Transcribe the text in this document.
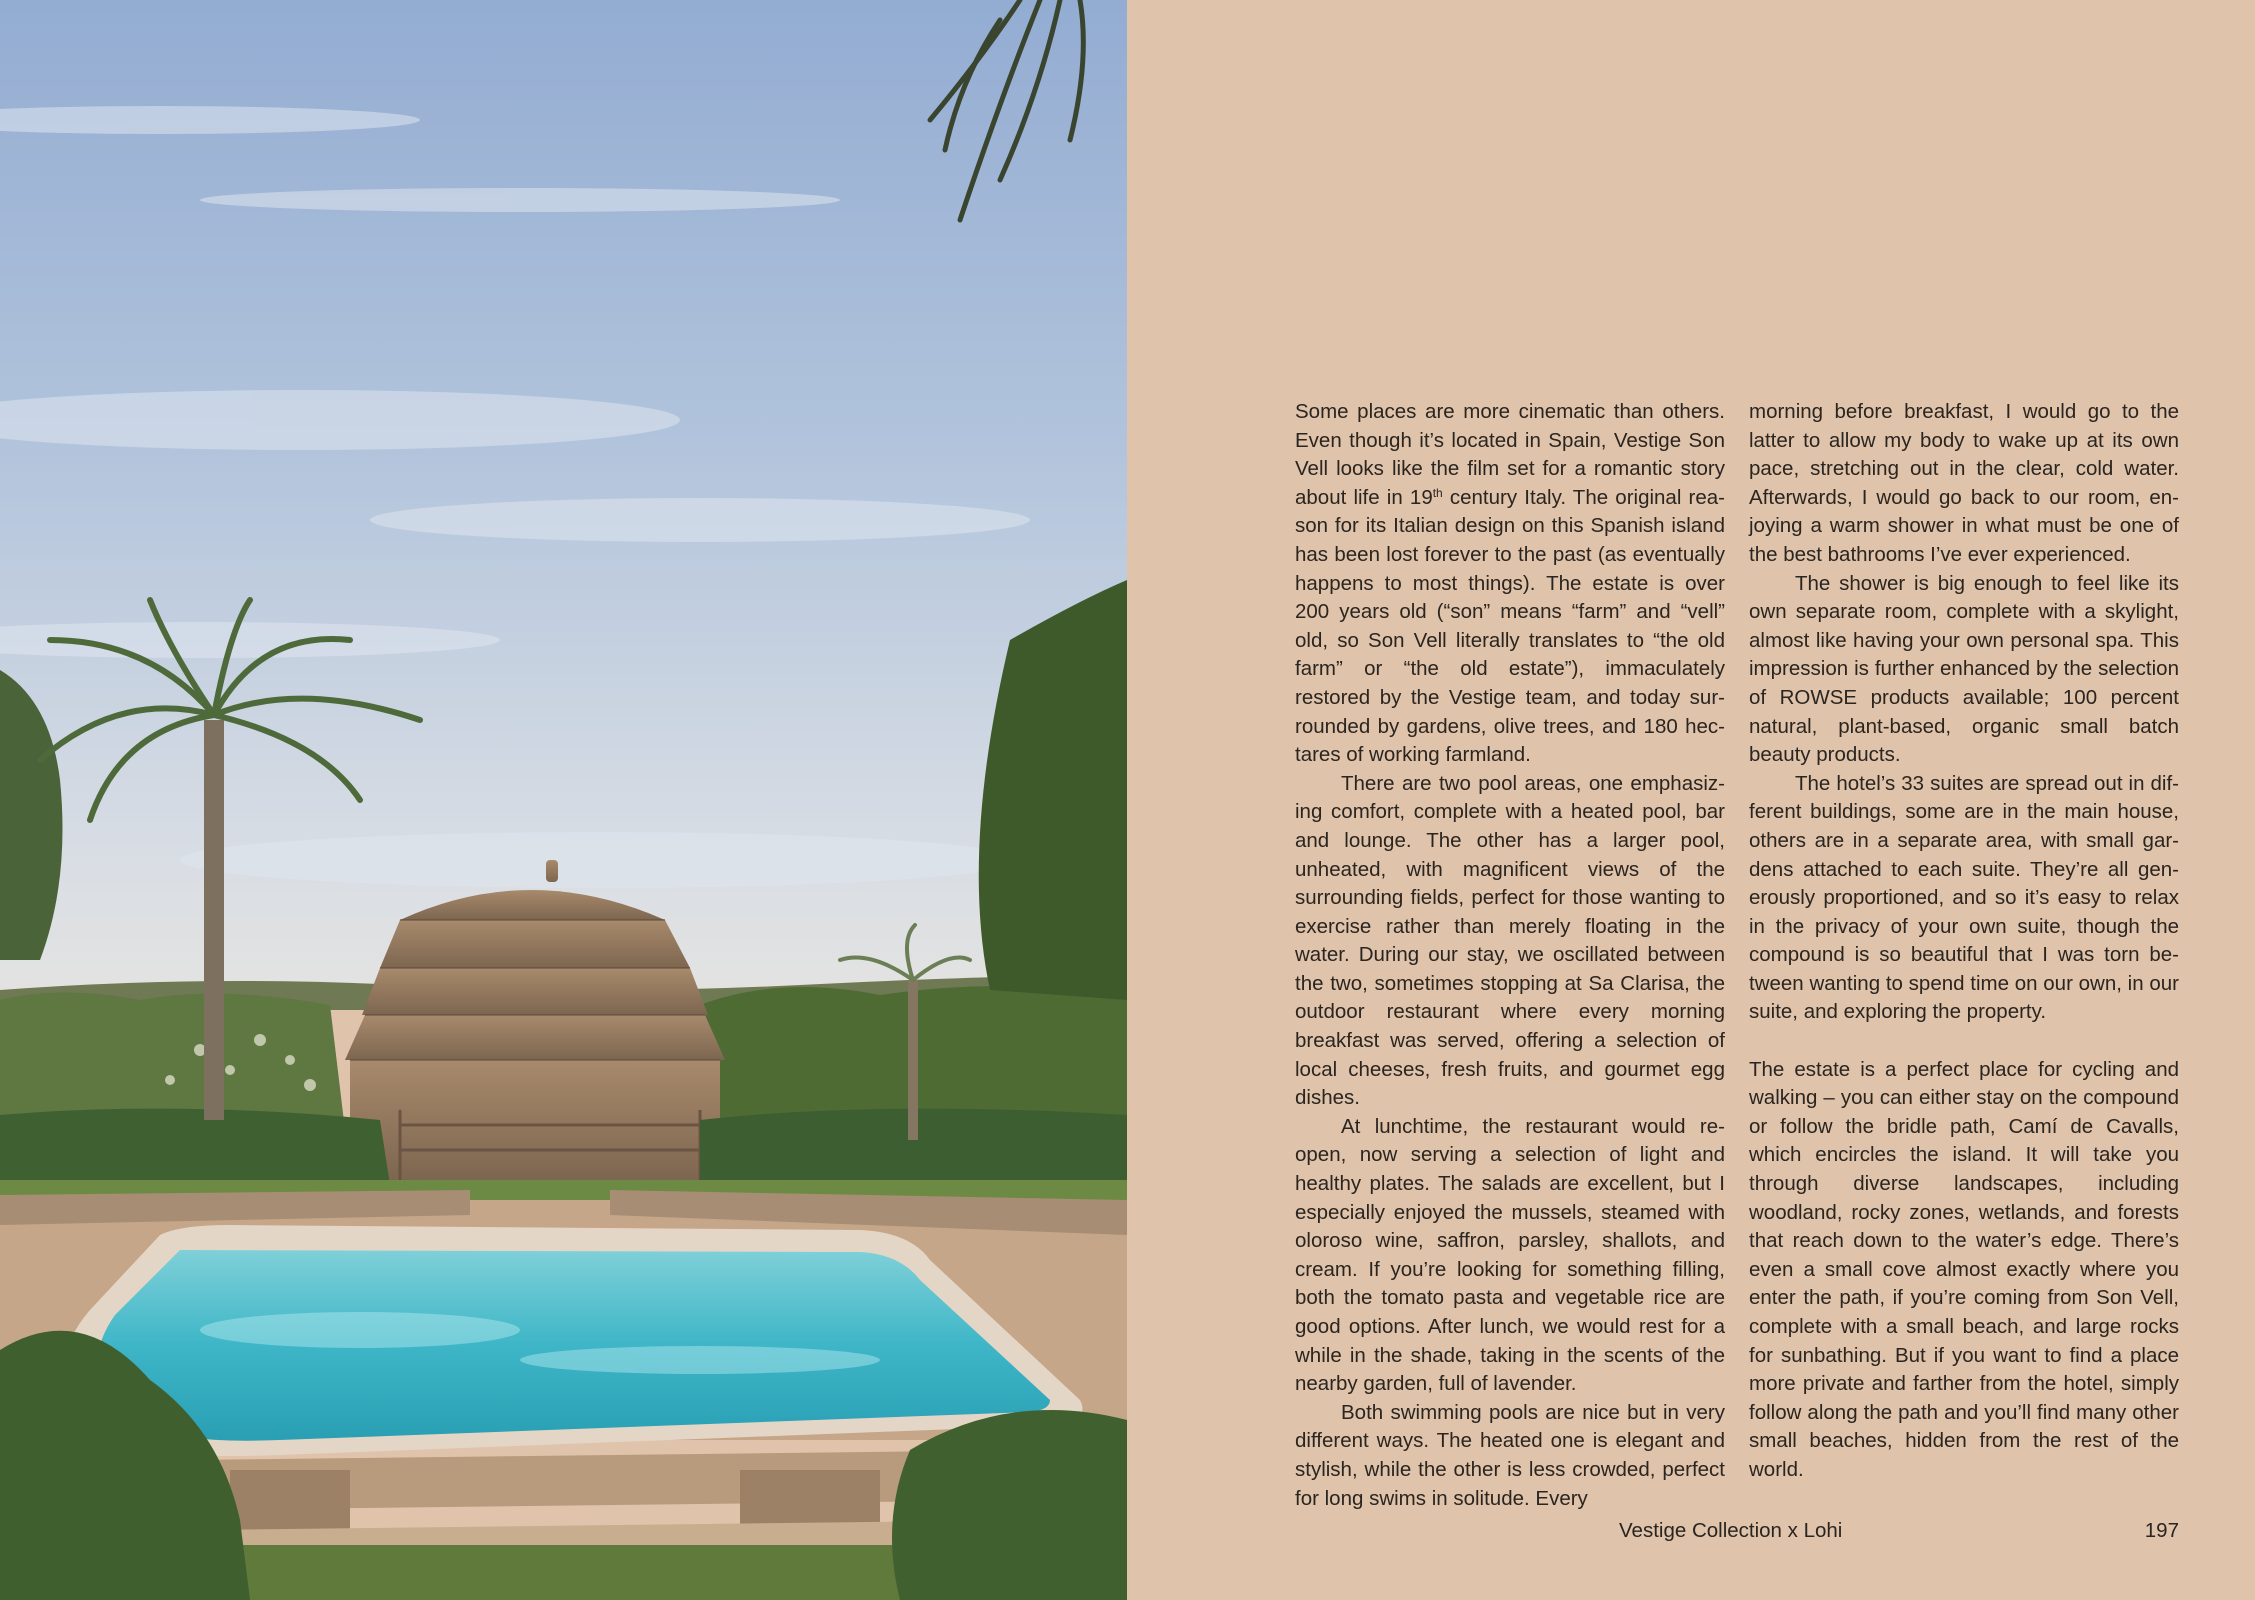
Some places are more cinematic than others. Even though it’s located in Spain, Vestige Son Vell looks like the film set for a romantic story about life in 19th century Italy. The original reason for its Italian design on this Spanish island has been lost forever to the past (as eventually happens to most things). The estate is over 200 years old (“son” means “farm” and “vell” old, so Son Vell literally translates to “the old farm” or “the old estate”), immaculately restored by the Vestige team, and today surrounded by gardens, olive trees, and 180 hectares of working farmland.

There are two pool areas, one emphasizing comfort, complete with a heated pool, bar and lounge. The other has a larger pool, unheated, with magnificent views of the surrounding fields, perfect for those wanting to exercise rather than merely floating in the water. During our stay, we oscillated between the two, sometimes stopping at Sa Clarisa, the outdoor restaurant where every morning breakfast was served, offering a selection of local cheeses, fresh fruits, and gourmet egg dishes.

At lunchtime, the restaurant would reopen, now serving a selection of light and healthy plates. The salads are excellent, but I especially enjoyed the mussels, steamed with oloroso wine, saffron, parsley, shallots, and cream. If you’re looking for something filling, both the tomato pasta and vegetable rice are good options. After lunch, we would rest for a while in the shade, taking in the scents of the nearby garden, full of lavender.

Both swimming pools are nice but in very different ways. The heated one is elegant and stylish, while the other is less crowded, perfect for long swims in solitude. Every

morning before breakfast, I would go to the latter to allow my body to wake up at its own pace, stretching out in the clear, cold water. Afterwards, I would go back to our room, enjoying a warm shower in what must be one of the best bathrooms I’ve ever experienced.

The shower is big enough to feel like its own separate room, complete with a skylight, almost like having your own personal spa. This impression is further enhanced by the selection of ROWSE products available; 100 percent natural, plant-based, organic small batch beauty products.

The hotel’s 33 suites are spread out in different buildings, some are in the main house, others are in a separate area, with small gardens attached to each suite. They’re all generously proportioned, and so it’s easy to relax in the privacy of your own suite, though the compound is so beautiful that I was torn between wanting to spend time on our own, in our suite, and exploring the property.

The estate is a perfect place for cycling and walking – you can either stay on the compound or follow the bridle path, Camí de Cavalls, which encircles the island. It will take you through diverse landscapes, including woodland, rocky zones, wetlands, and forests that reach down to the water’s edge. There’s even a small cove almost exactly where you enter the path, if you’re coming from Son Vell, complete with a small beach, and large rocks for sunbathing. But if you want to find a place more private and farther from the hotel, simply follow along the path and you’ll find many other small beaches, hidden from the rest of the world.

Vestige Collection x Lohi	197
